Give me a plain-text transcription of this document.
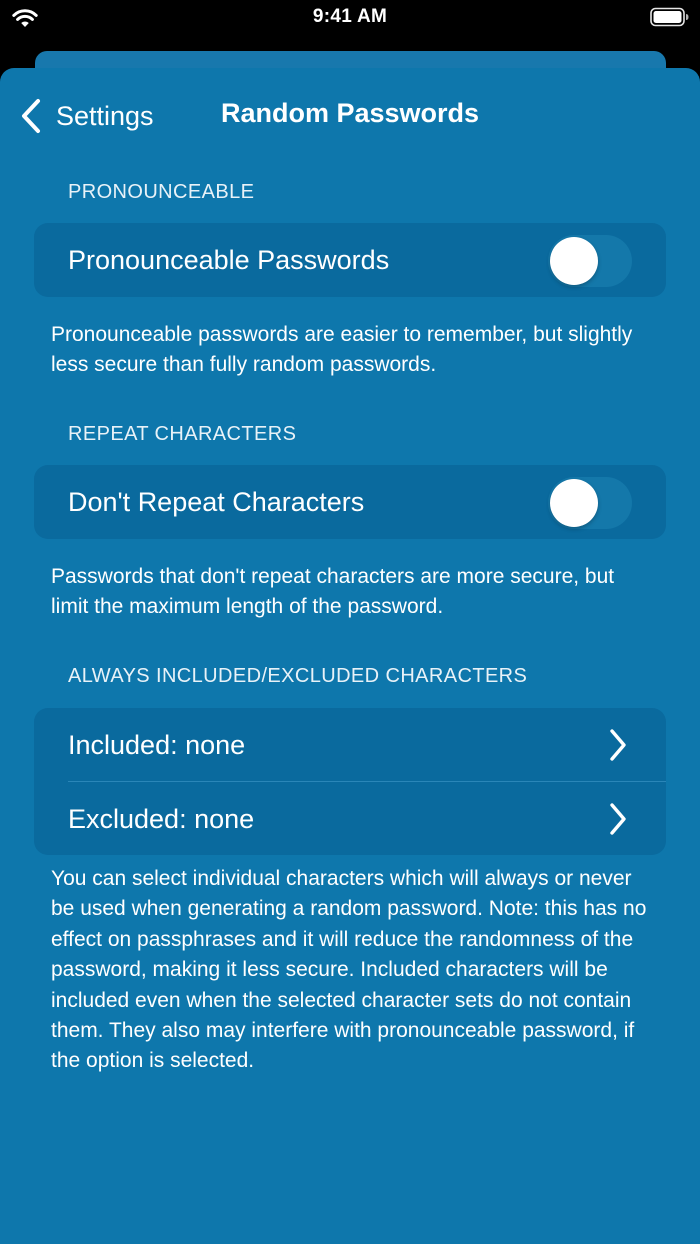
9:41 AM
Settings	Random Passwords
PRONOUNCEABLE
Pronounceable Passwords
Pronounceable passwords are easier to remember, but slightly less secure than fully random passwords.
REPEAT CHARACTERS
Don't Repeat Characters
Passwords that don't repeat characters are more secure, but limit the maximum length of the password.
ALWAYS INCLUDED/EXCLUDED CHARACTERS
Included: none
Excluded: none
You can select individual characters which will always or never be used when generating a random password. Note: this has no effect on passphrases and it will reduce the randomness of the password, making it less secure. Included characters will be included even when the selected character sets do not contain them. They also may interfere with pronounceable password, if the option is selected.
